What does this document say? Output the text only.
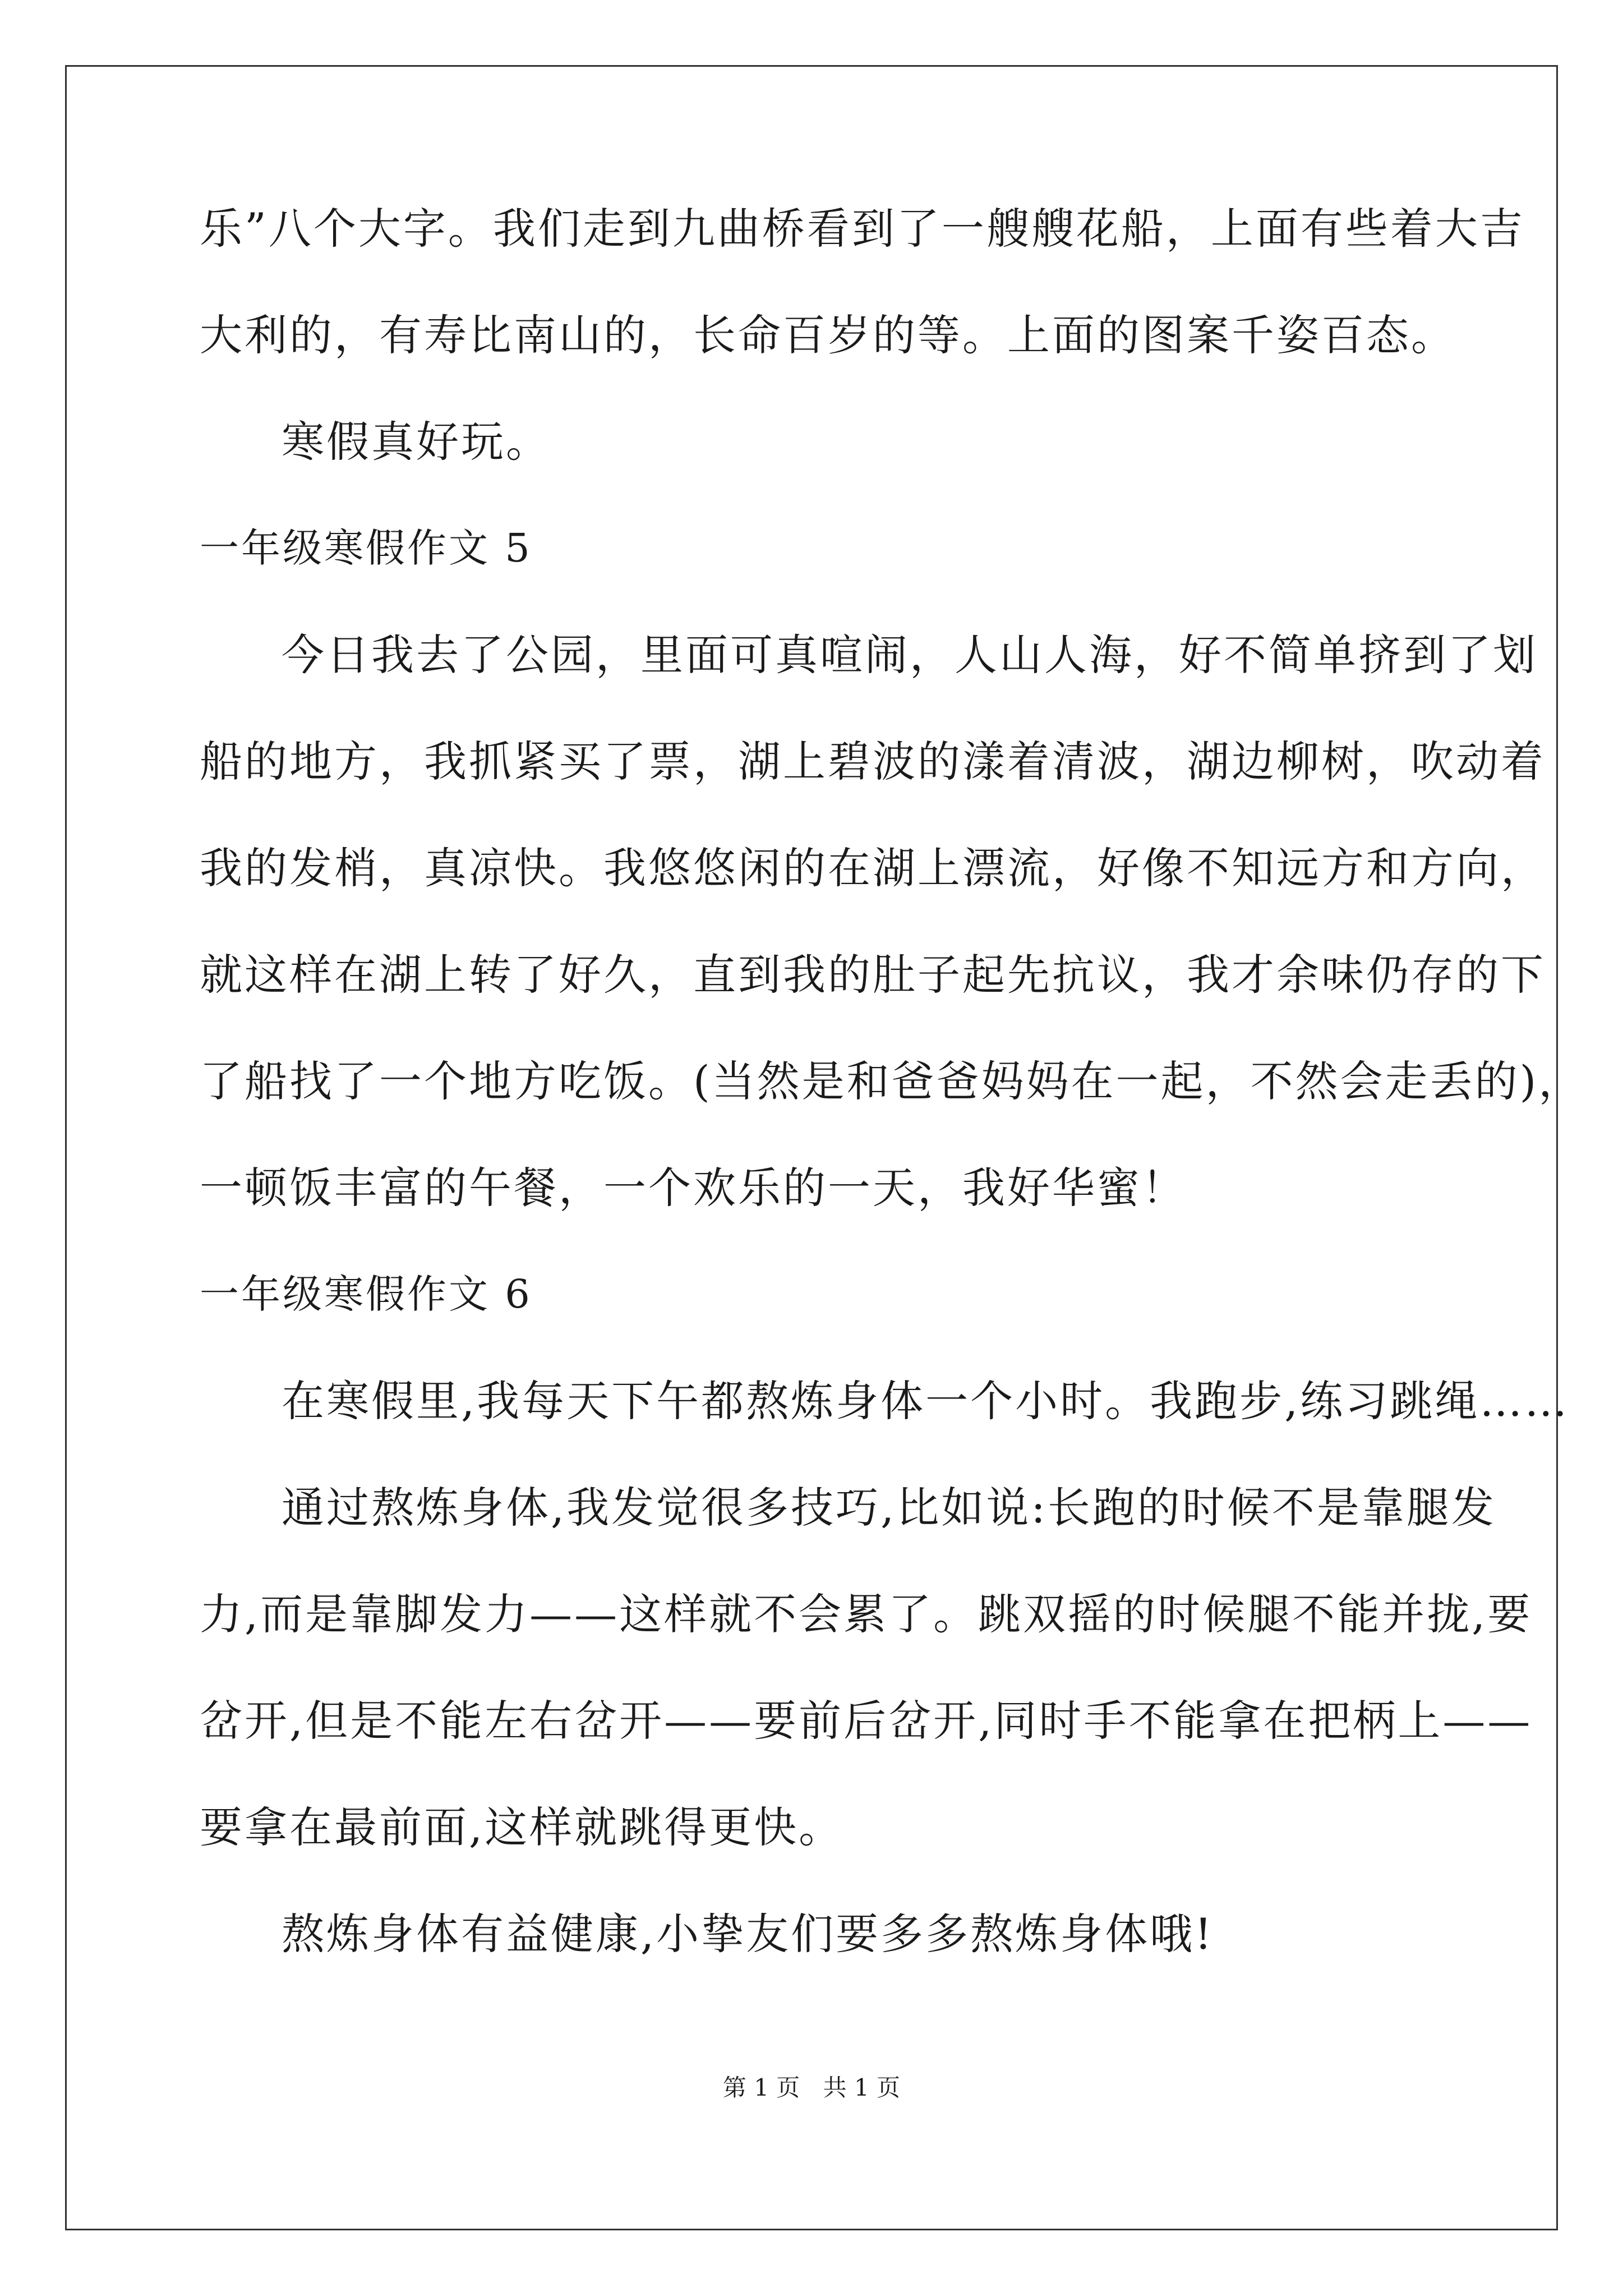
乐”八个大字。我们走到九曲桥看到了一艘艘花船，上面有些着大吉
大利的，有寿比南山的，长命百岁的等。上面的图案千姿百态。
寒假真好玩。
一年级寒假作文 5
今日我去了公园，里面可真喧闹，人山人海，好不简单挤到了划
船的地方，我抓紧买了票，湖上碧波的漾着清波，湖边柳树，吹动着
我的发梢，真凉快。我悠悠闲的在湖上漂流，好像不知远方和方向，
就这样在湖上转了好久，直到我的肚子起先抗议，我才余味仍存的下
了船找了一个地方吃饭。(当然是和爸爸妈妈在一起，不然会走丢的)，
一顿饭丰富的午餐，一个欢乐的一天，我好华蜜！
一年级寒假作文 6
在寒假里,我每天下午都熬炼身体一个小时。我跑步,练习跳绳……
通过熬炼身体,我发觉很多技巧,比如说:长跑的时候不是靠腿发
力,而是靠脚发力——这样就不会累了。跳双摇的时候腿不能并拢,要
岔开,但是不能左右岔开——要前后岔开,同时手不能拿在把柄上——
要拿在最前面,这样就跳得更快。
熬炼身体有益健康,小挚友们要多多熬炼身体哦!
第 1 页 共 1 页
